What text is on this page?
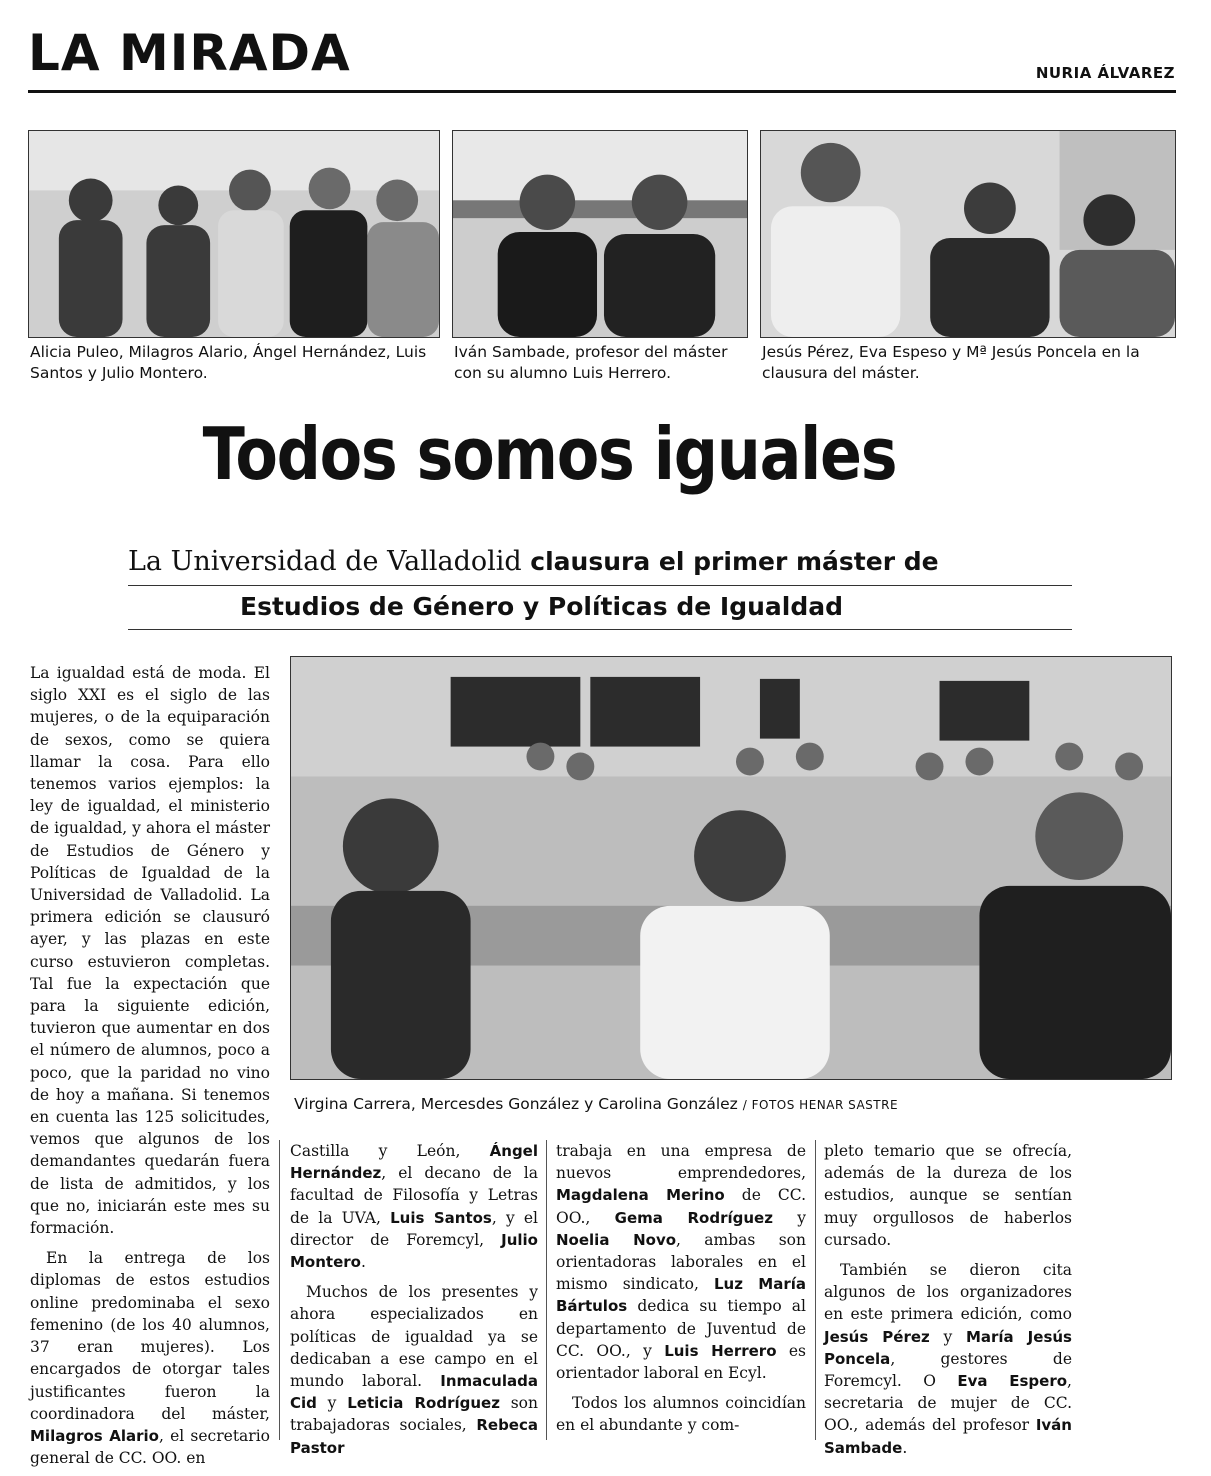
LA MIRADA	NURIA ÁLVAREZ
Alicia Puleo, Milagros Alario, Ángel Hernández, Luis Santos y Julio Montero.
Iván Sambade, profesor del máster con su alumno Luis Herrero.
Jesús Pérez, Eva Espeso y Mª Jesús Poncela en la clausura del máster.
Todos somos iguales
La Universidad de Valladolid clausura el primer máster de
Estudios de Género y Políticas de Igualdad
Virgina Carrera, Mercesdes González y Carolina González / FOTOS HENAR SASTRE

La igualdad está de moda. El siglo XXI es el siglo de las mujeres, o de la equiparación de sexos, como se quiera llamar la cosa. Para ello tenemos varios ejemplos: la ley de igualdad, el ministerio de igualdad, y ahora el máster de Estudios de Género y Políticas de Igualdad de la Universidad de Valladolid. La primera edición se clausuró ayer, y las plazas en este curso estuvieron completas. Tal fue la expectación que para la siguiente edición, tuvieron que aumentar en dos el número de alumnos, poco a poco, que la paridad no vino de hoy a mañana. Si tenemos en cuenta las 125 solicitudes, vemos que algunos de los demandantes quedarán fuera de lista de admitidos, y los que no, iniciarán este mes su formación.

En la entrega de los diplomas de estos estudios online predominaba el sexo femenino (de los 40 alumnos, 37 eran mujeres). Los encargados de otorgar tales justificantes fueron la coordinadora del máster, Milagros Alario, el secretario general de CC. OO. en

Castilla y León, Ángel Hernández, el decano de la facultad de Filosofía y Letras de la UVA, Luis Santos, y el director de Foremcyl, Julio Montero.

Muchos de los presentes y ahora especializados en políticas de igualdad ya se dedicaban a ese campo en el mundo laboral. Inmaculada Cid y Leticia Rodríguez son trabajadoras sociales, Rebeca Pastor

trabaja en una empresa de nuevos emprendedores, Magdalena Merino de CC. OO., Gema Rodríguez y Noelia Novo, ambas son orientadoras laborales en el mismo sindicato, Luz María Bártulos dedica su tiempo al departamento de Juventud de CC. OO., y Luis Herrero es orientador laboral en Ecyl.

Todos los alumnos coincidían en el abundante y com-

pleto temario que se ofrecía, además de la dureza de los estudios, aunque se sentían muy orgullosos de haberlos cursado.

También se dieron cita algunos de los organizadores en este primera edición, como Jesús Pérez y María Jesús Poncela, gestores de Foremcyl. O Eva Espero, secretaria de mujer de CC. OO., además del profesor Iván Sambade.
